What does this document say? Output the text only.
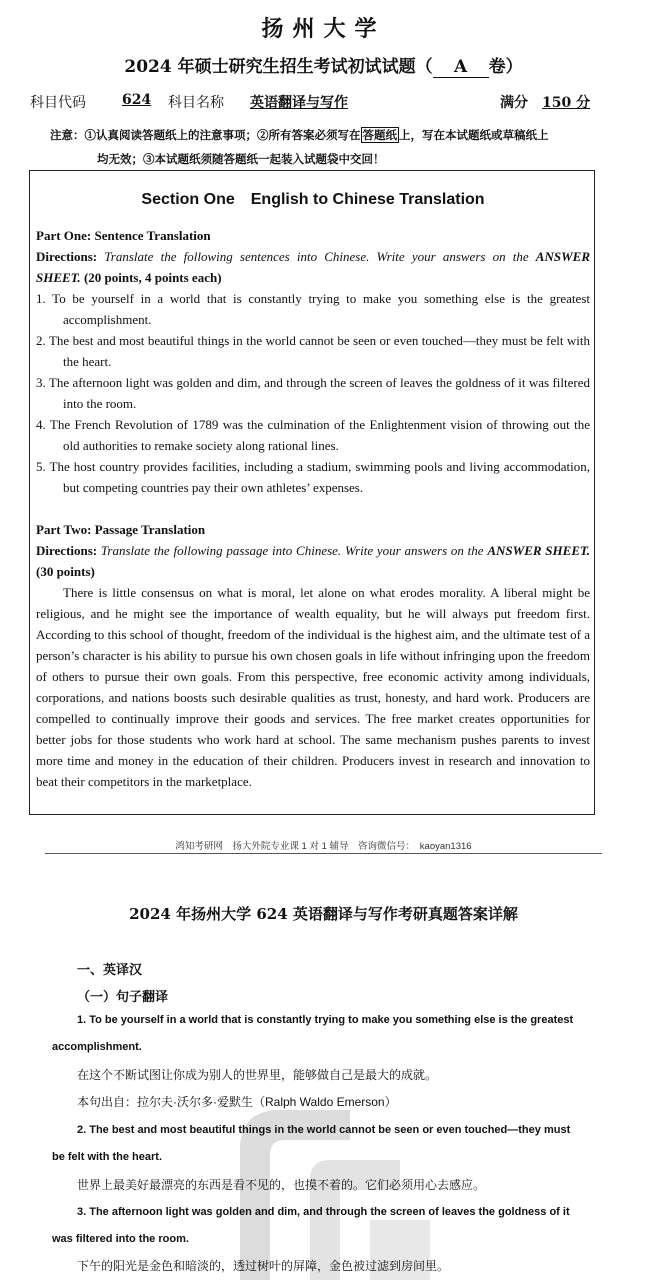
扬州大学
2024 年硕士研究生招生考试初试试题（ A 卷）
科目代码	624 科目名称 英语翻译与写作	满分 150 分
注意：①认真阅读答题纸上的注意事项；②所有答案必须写在 答题纸 上，写在本试题纸或草稿纸上
均无效；③本试题纸须随答题纸一起装入试题袋中交回！
Section One　English to Chinese Translation
Part One: Sentence Translation
Directions: Translate the following sentences into Chinese. Write your answers on the ANSWER SHEET. (20 points, 4 points each)
1. To be yourself in a world that is constantly trying to make you something else is the greatest accomplishment.
2. The best and most beautiful things in the world cannot be seen or even touched—they must be felt with the heart.
3. The afternoon light was golden and dim, and through the screen of leaves the goldness of it was filtered into the room.
4. The French Revolution of 1789 was the culmination of the Enlightenment vision of throwing out the old authorities to remake society along rational lines.
5. The host country provides facilities, including a stadium, swimming pools and living accommodation, but competing countries pay their own athletes’ expenses.
Part Two: Passage Translation
Directions: Translate the following passage into Chinese. Write your answers on the ANSWER SHEET. (30 points)
There is little consensus on what is moral, let alone on what erodes morality. A liberal might be religious, and he might see the importance of wealth equality, but he will always put freedom first. According to this school of thought, freedom of the individual is the highest aim, and the ultimate test of a person’s character is his ability to pursue his own chosen goals in life without infringing upon the freedom of others to pursue their own goals. From this perspective, free economic activity among individuals, corporations, and nations boosts such desirable qualities as trust, honesty, and hard work. Producers are compelled to continually improve their goods and services. The free market creates opportunities for better jobs for those students who work hard at school. The same mechanism pushes parents to invest more time and money in the education of their children. Producers invest in research and innovation to beat their competitors in the marketplace.
鸿知考研网　扬大外院专业课 1 对 1 辅导　咨询微信号：　kaoyan1316
2024 年扬州大学 624 英语翻译与写作考研真题答案详解
一、英译汉
（一）句子翻译
1. To be yourself in a world that is constantly trying to make you something else is the greatest
accomplishment.
在这个不断试图让你成为别人的世界里，能够做自己是最大的成就。
本句出自：拉尔夫·沃尔多·爱默生（Ralph Waldo Emerson）
2. The best and most beautiful things in the world cannot be seen or even touched—they must
be felt with the heart.
世界上最美好最漂亮的东西是看不见的，也摸不着的。它们必须用心去感应。
3. The afternoon light was golden and dim, and through the screen of leaves the goldness of it
was filtered into the room.
下午的阳光是金色和暗淡的，透过树叶的屏障，金色被过滤到房间里。
